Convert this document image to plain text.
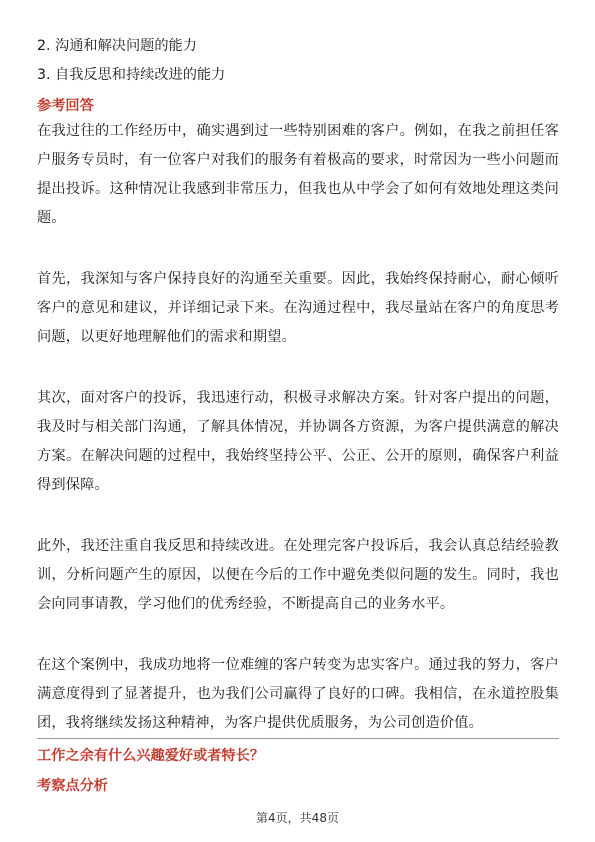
2. 沟通和解决问题的能力

3. 自我反思和持续改进的能力

参考回答

在我过往的工作经历中，确实遇到过一些特别困难的客户。例如，在我之前担任客户服务专员时，有一位客户对我们的服务有着极高的要求，时常因为一些小问题而提出投诉。这种情况让我感到非常压力，但我也从中学会了如何有效地处理这类问题。

首先，我深知与客户保持良好的沟通至关重要。因此，我始终保持耐心，耐心倾听客户的意见和建议，并详细记录下来。在沟通过程中，我尽量站在客户的角度思考问题，以更好地理解他们的需求和期望。

其次，面对客户的投诉，我迅速行动，积极寻求解决方案。针对客户提出的问题，我及时与相关部门沟通，了解具体情况，并协调各方资源，为客户提供满意的解决方案。在解决问题的过程中，我始终坚持公平、公正、公开的原则，确保客户利益得到保障。

此外，我还注重自我反思和持续改进。在处理完客户投诉后，我会认真总结经验教训，分析问题产生的原因，以便在今后的工作中避免类似问题的发生。同时，我也会向同事请教，学习他们的优秀经验，不断提高自己的业务水平。

在这个案例中，我成功地将一位难缠的客户转变为忠实客户。通过我的努力，客户满意度得到了显著提升，也为我们公司赢得了良好的口碑。我相信，在永道控股集团，我将继续发扬这种精神，为客户提供优质服务，为公司创造价值。

工作之余有什么兴趣爱好或者特长？

考察点分析

第4页，共48页
